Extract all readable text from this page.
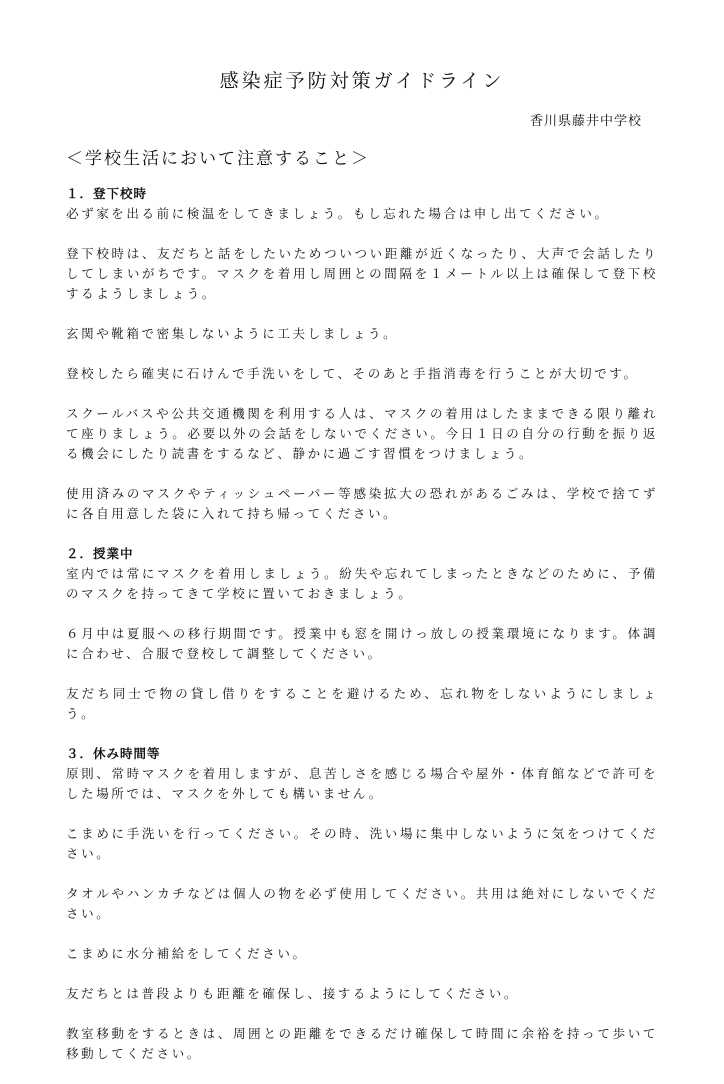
感染症予防対策ガイドライン
香川県藤井中学校
＜学校生活において注意すること＞

１．登下校時

必ず家を出る前に検温をしてきましょう。もし忘れた場合は申し出てください。

登下校時は、友だちと話をしたいためついつい距離が近くなったり、大声で会話したりしてしまいがちです。マスクを着用し周囲との間隔を１メートル以上は確保して登下校するようしましょう。

玄関や靴箱で密集しないように工夫しましょう。

登校したら確実に石けんで手洗いをして、そのあと手指消毒を行うことが大切です。

スクールバスや公共交通機関を利用する人は、マスクの着用はしたままできる限り離れて座りましょう。必要以外の会話をしないでください。今日１日の自分の行動を振り返る機会にしたり読書をするなど、静かに過ごす習慣をつけましょう。

使用済みのマスクやティッシュペーパー等感染拡大の恐れがあるごみは、学校で捨てずに各自用意した袋に入れて持ち帰ってください。

２．授業中

室内では常にマスクを着用しましょう。紛失や忘れてしまったときなどのために、予備のマスクを持ってきて学校に置いておきましょう。

６月中は夏服への移行期間です。授業中も窓を開けっ放しの授業環境になります。体調に合わせ、合服で登校して調整してください。

友だち同士で物の貸し借りをすることを避けるため、忘れ物をしないようにしましょう。

３．休み時間等

原則、常時マスクを着用しますが、息苦しさを感じる場合や屋外・体育館などで許可をした場所では、マスクを外しても構いません。

こまめに手洗いを行ってください。その時、洗い場に集中しないように気をつけてください。

タオルやハンカチなどは個人の物を必ず使用してください。共用は絶対にしないでください。

こまめに水分補給をしてください。

友だちとは普段よりも距離を確保し、接するようにしてください。

教室移動をするときは、周囲との距離をできるだけ確保して時間に余裕を持って歩いて移動してください。
